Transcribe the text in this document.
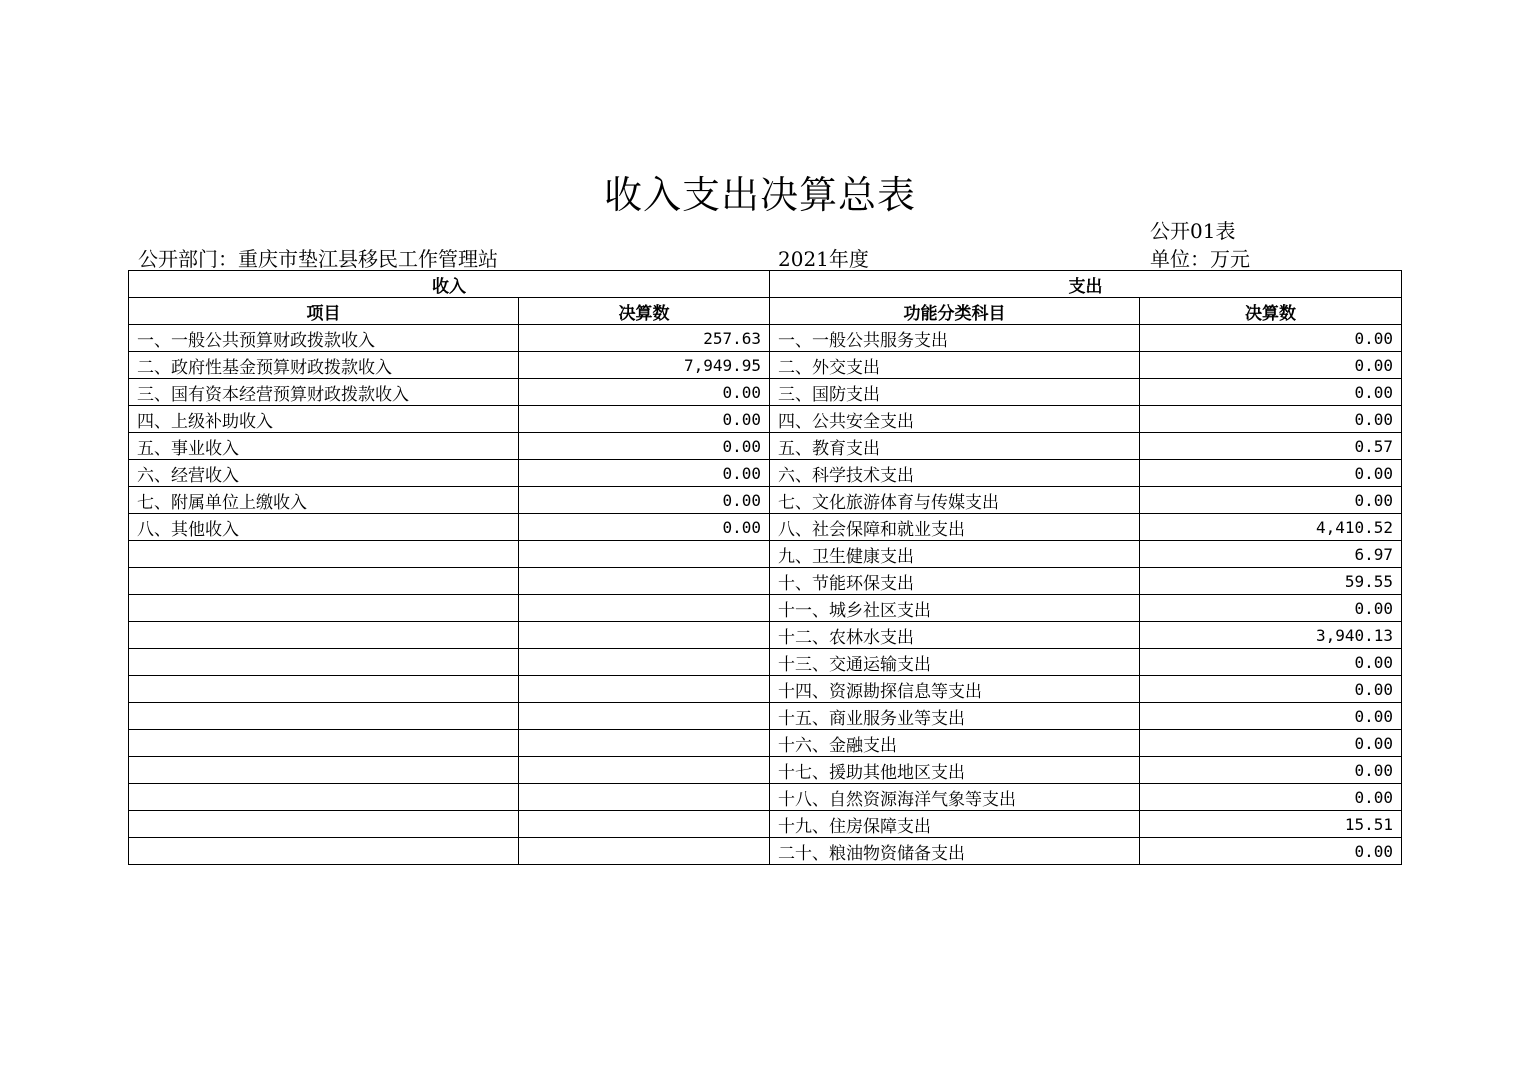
收入支出决算总表
公开01表
公开部门：重庆市垫江县移民工作管理站	2021年度	单位：万元
收入		支出	
项目	决算数	功能分类科目	决算数
一、一般公共预算财政拨款收入	257.63	一、一般公共服务支出	0.00
二、政府性基金预算财政拨款收入	7,949.95	二、外交支出	0.00
三、国有资本经营预算财政拨款收入	0.00	三、国防支出	0.00
四、上级补助收入	0.00	四、公共安全支出	0.00
五、事业收入	0.00	五、教育支出	0.57
六、经营收入	0.00	六、科学技术支出	0.00
七、附属单位上缴收入	0.00	七、文化旅游体育与传媒支出	0.00
八、其他收入	0.00	八、社会保障和就业支出	4,410.52
		九、卫生健康支出	6.97
		十、节能环保支出	59.55
		十一、城乡社区支出	0.00
		十二、农林水支出	3,940.13
		十三、交通运输支出	0.00
		十四、资源勘探信息等支出	0.00
		十五、商业服务业等支出	0.00
		十六、金融支出	0.00
		十七、援助其他地区支出	0.00
		十八、自然资源海洋气象等支出	0.00
		十九、住房保障支出	15.51
		二十、粮油物资储备支出	0.00
